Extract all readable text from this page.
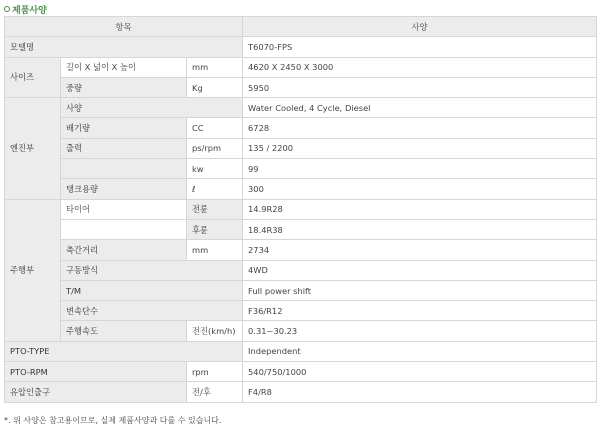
제품사양
항목			사양
모델명			T6070-FPS
사이즈	길이 X 넓이 X 높이	mm	4620 X 2450 X 3000
	중량	Kg	5950
엔진부	사양		Water Cooled, 4 Cycle, Diesel
	배기량	CC	6728
	출력	ps/rpm	135 / 2200
		kw	99
	탱크용량	ℓ	300
주행부	타이어	전륜	14.9R28
		후륜	18.4R38
	축간거리	mm	2734
	구동방식		4WD
	T/M		Full power shift
	변속단수		F36/R12
	주행속도	전진(km/h)	0.31~30.23
PTO-TYPE			Independent
PTO-RPM		rpm	540/750/1000
유압인출구		전/후	F4/R8
*. 위 사양은 참고용이므로, 실제 제품사양과 다를 수 있습니다.
